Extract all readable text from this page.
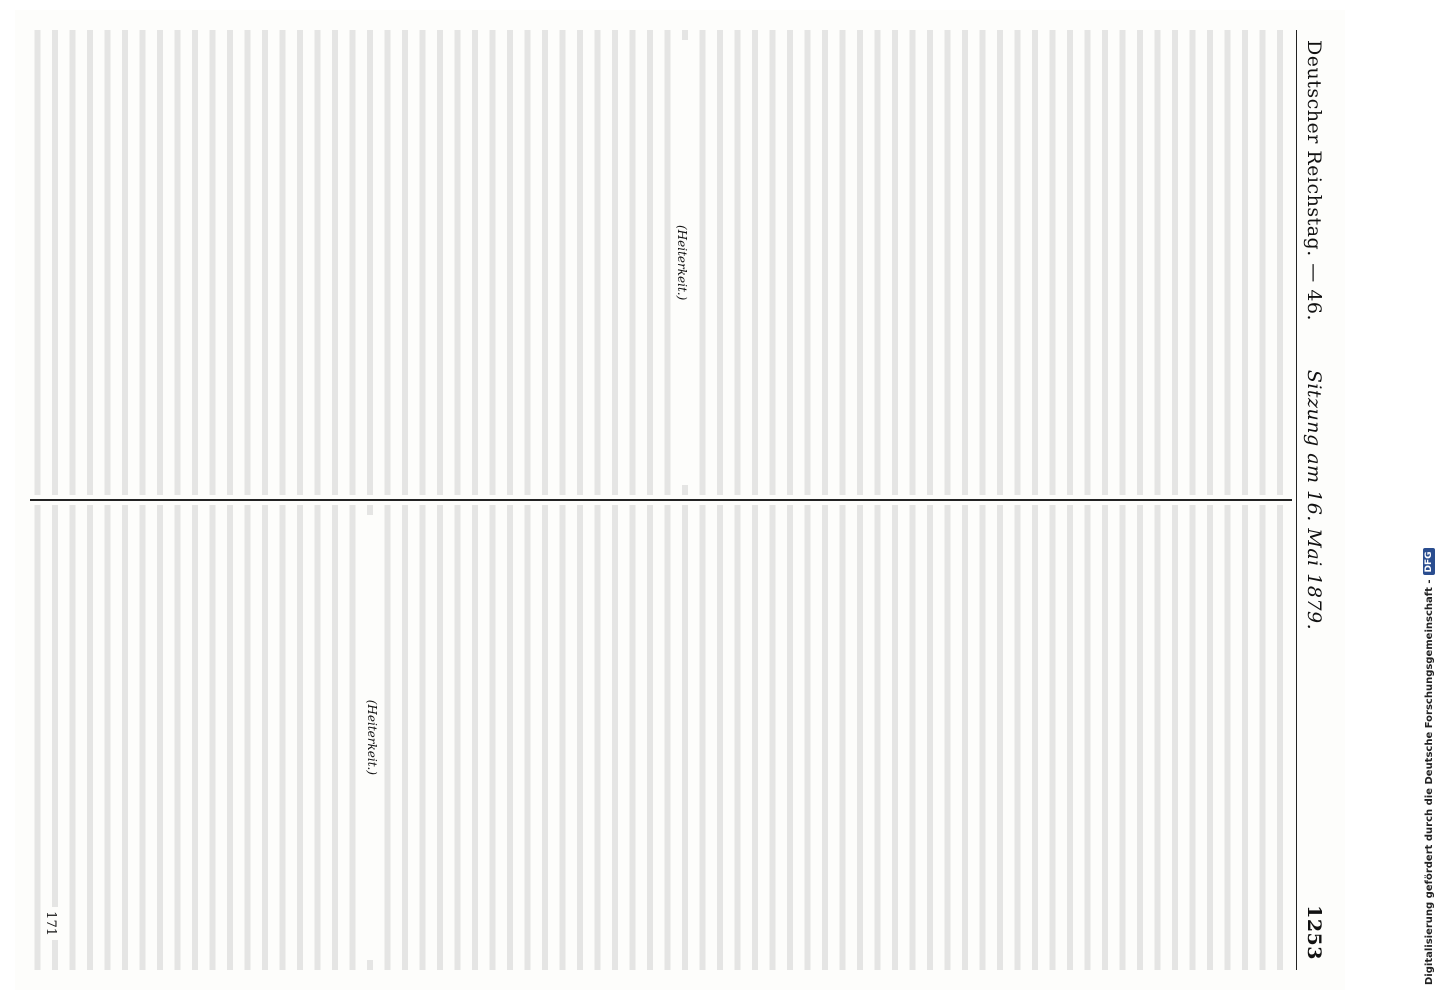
Deutscher Reichstag. — 46.
Sitzung am 16. Mai 1879.
1253
(Heiterkeit.)
(Heiterkeit.)
171	Digitalisierung gefördert durch die Deutsche Forschungsgemeinschaft -
DFG
